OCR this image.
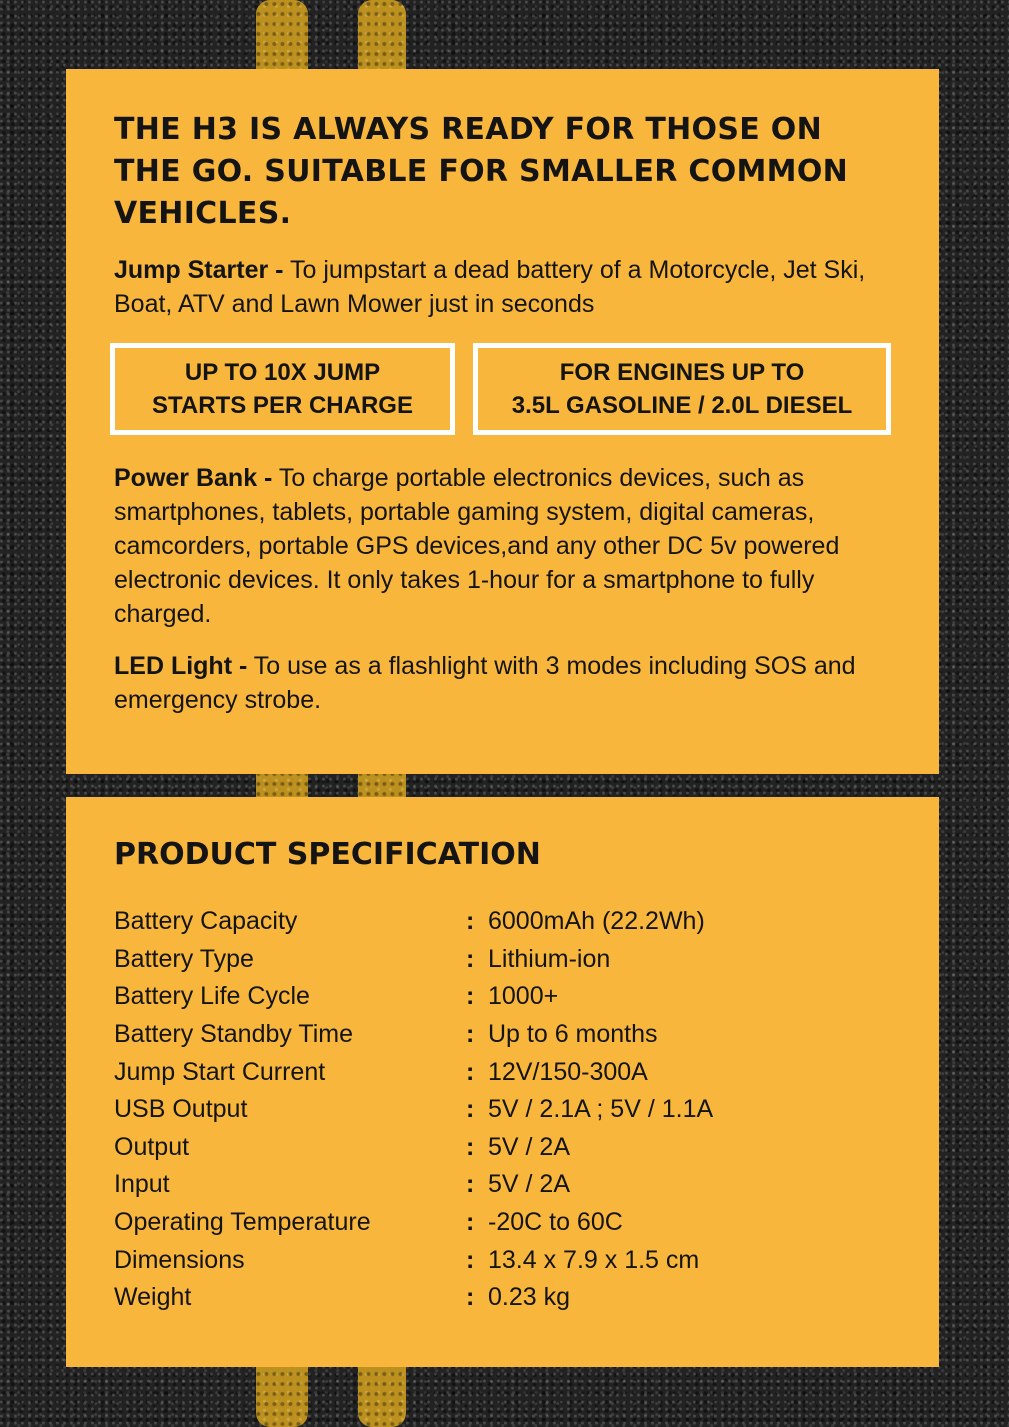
THE H3 IS ALWAYS READY FOR THOSE ON THE GO. SUITABLE FOR SMALLER COMMON VEHICLES.

Jump Starter - To jumpstart a dead battery of a Motorcycle, Jet Ski, Boat, ATV and Lawn Mower just in seconds

UP TO 10X JUMP
STARTS PER CHARGE
FOR ENGINES UP TO
3.5L GASOLINE / 2.0L DIESEL

Power Bank - To charge portable electronics devices, such as smartphones, tablets, portable gaming system, digital cameras, camcorders, portable GPS devices,and any other DC 5v powered electronic devices. It only takes 1-hour for a smartphone to fully charged.

LED Light - To use as a flashlight with 3 modes including SOS and emergency strobe.

PRODUCT SPECIFICATION
Battery Capacity	:	6000mAh (22.2Wh)
Battery Type	:	Lithium-ion
Battery Life Cycle	:	1000+
Battery Standby Time	:	Up to 6 months
Jump Start Current	:	12V/150-300A
USB Output	:	5V / 2.1A ; 5V / 1.1A
Output	:	5V / 2A
Input	:	5V / 2A
Operating Temperature	:	-20C to 60C
Dimensions	:	13.4 x 7.9 x 1.5 cm
Weight	:	0.23 kg
